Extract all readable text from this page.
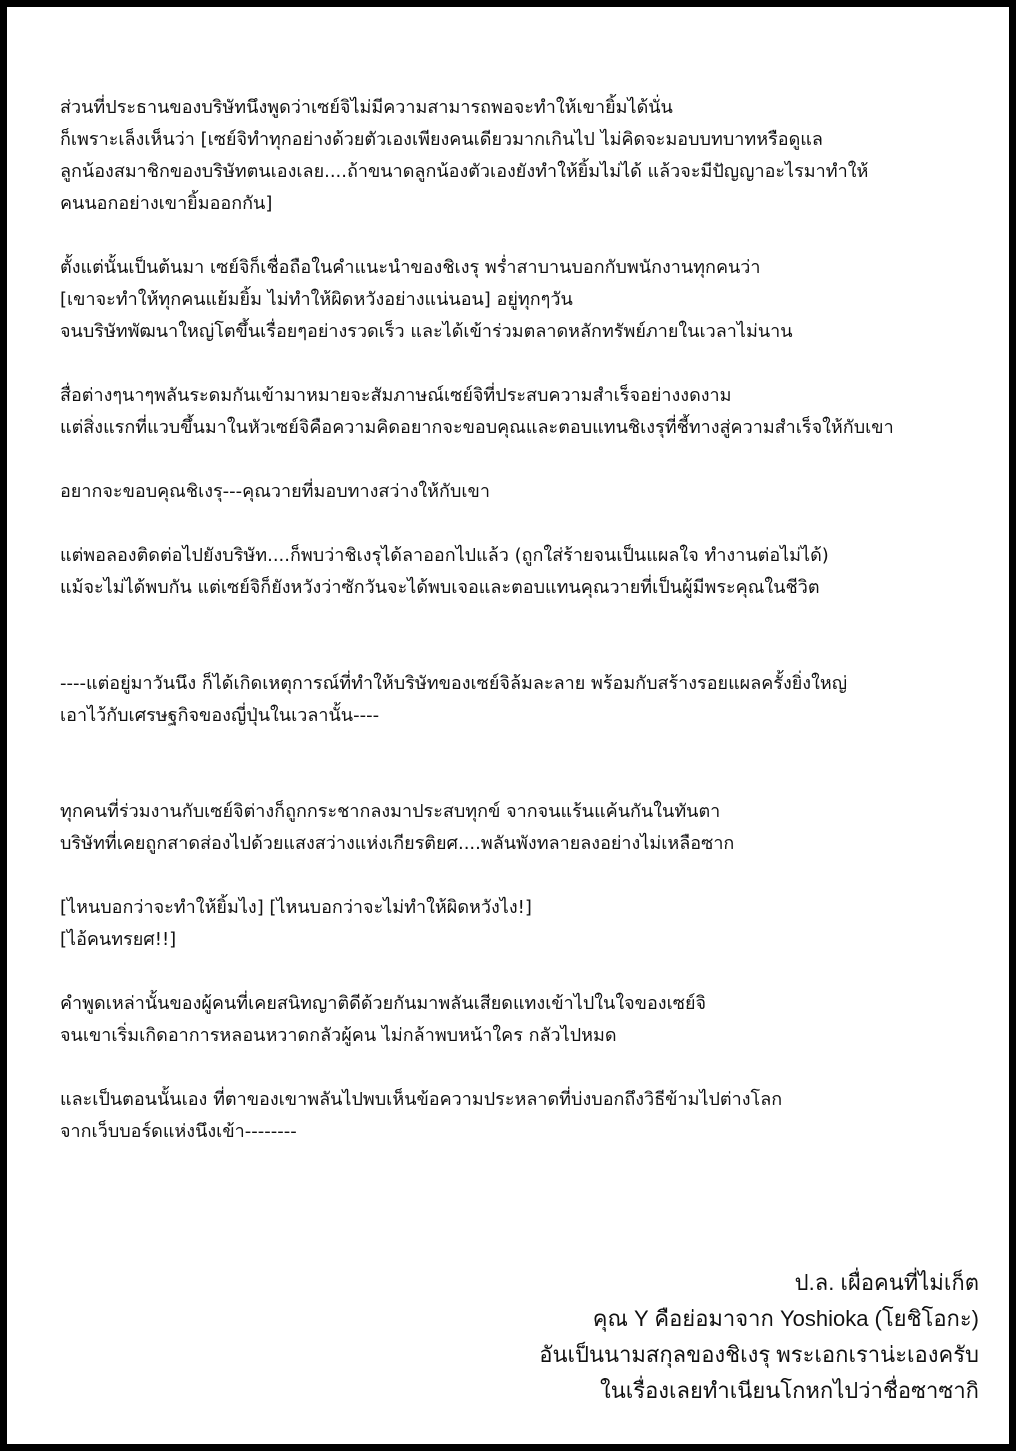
ส่วนที่ประธานของบริษัทนึงพูดว่าเซย์จิไม่มีความสามารถพอจะทำให้เขายิ้มได้นั่น
ก็เพราะเล็งเห็นว่า [เซย์จิทำทุกอย่างด้วยตัวเองเพียงคนเดียวมากเกินไป ไม่คิดจะมอบบทบาทหรือดูแล
ลูกน้องสมาชิกของบริษัทตนเองเลย....ถ้าขนาดลูกน้องตัวเองยังทำให้ยิ้มไม่ได้ แล้วจะมีปัญญาอะไรมาทำให้
คนนอกอย่างเขายิ้มออกกัน]
ตั้งแต่นั้นเป็นต้นมา เซย์จิก็เชื่อถือในคำแนะนำของชิเงรุ พร่ำสาบานบอกกับพนักงานทุกคนว่า
[เขาจะทำให้ทุกคนแย้มยิ้ม ไม่ทำให้ผิดหวังอย่างแน่นอน] อยู่ทุกๆวัน
จนบริษัทพัฒนาใหญ่โตขึ้นเรื่อยๆอย่างรวดเร็ว และได้เข้าร่วมตลาดหลักทรัพย์ภายในเวลาไม่นาน
สื่อต่างๆนาๆพลันระดมกันเข้ามาหมายจะสัมภาษณ์เซย์จิที่ประสบความสำเร็จอย่างงดงาม
แต่สิ่งแรกที่แวบขึ้นมาในหัวเซย์จิคือความคิดอยากจะขอบคุณและตอบแทนชิเงรุที่ชี้ทางสู่ความสำเร็จให้กับเขา
อยากจะขอบคุณชิเงรุ---คุณวายที่มอบทางสว่างให้กับเขา
แต่พอลองติดต่อไปยังบริษัท....ก็พบว่าชิเงรุได้ลาออกไปแล้ว (ถูกใส่ร้ายจนเป็นแผลใจ ทำงานต่อไม่ได้)
แม้จะไม่ได้พบกัน แต่เซย์จิก็ยังหวังว่าซักวันจะได้พบเจอและตอบแทนคุณวายที่เป็นผู้มีพระคุณในชีวิต
----แต่อยู่มาวันนึง ก็ได้เกิดเหตุการณ์ที่ทำให้บริษัทของเซย์จิล้มละลาย พร้อมกับสร้างรอยแผลครั้งยิ่งใหญ่
เอาไว้กับเศรษฐกิจของญี่ปุ่นในเวลานั้น----
ทุกคนที่ร่วมงานกับเซย์จิต่างก็ถูกกระชากลงมาประสบทุกข์ จากจนแร้นแค้นกันในทันตา
บริษัทที่เคยถูกสาดส่องไปด้วยแสงสว่างแห่งเกียรติยศ....พลันพังทลายลงอย่างไม่เหลือซาก
[ไหนบอกว่าจะทำให้ยิ้มไง] [ไหนบอกว่าจะไม่ทำให้ผิดหวังไง!]
[ไอ้คนทรยศ!!]
คำพูดเหล่านั้นของผู้คนที่เคยสนิทญาติดีด้วยกันมาพลันเสียดแทงเข้าไปในใจของเซย์จิ
จนเขาเริ่มเกิดอาการหลอนหวาดกลัวผู้คน ไม่กล้าพบหน้าใคร กลัวไปหมด
และเป็นตอนนั้นเอง ที่ตาของเขาพลันไปพบเห็นข้อความประหลาดที่บ่งบอกถึงวิธีข้ามไปต่างโลก
จากเว็บบอร์ดแห่งนึงเข้า--------
ป.ล. เผื่อคนที่ไม่เก็ต
คุณ Y คือย่อมาจาก Yoshioka (โยชิโอกะ)
อันเป็นนามสกุลของชิเงรุ พระเอกเราน่ะเองครับ
ในเรื่องเลยทำเนียนโกหกไปว่าชื่อซาซากิ
